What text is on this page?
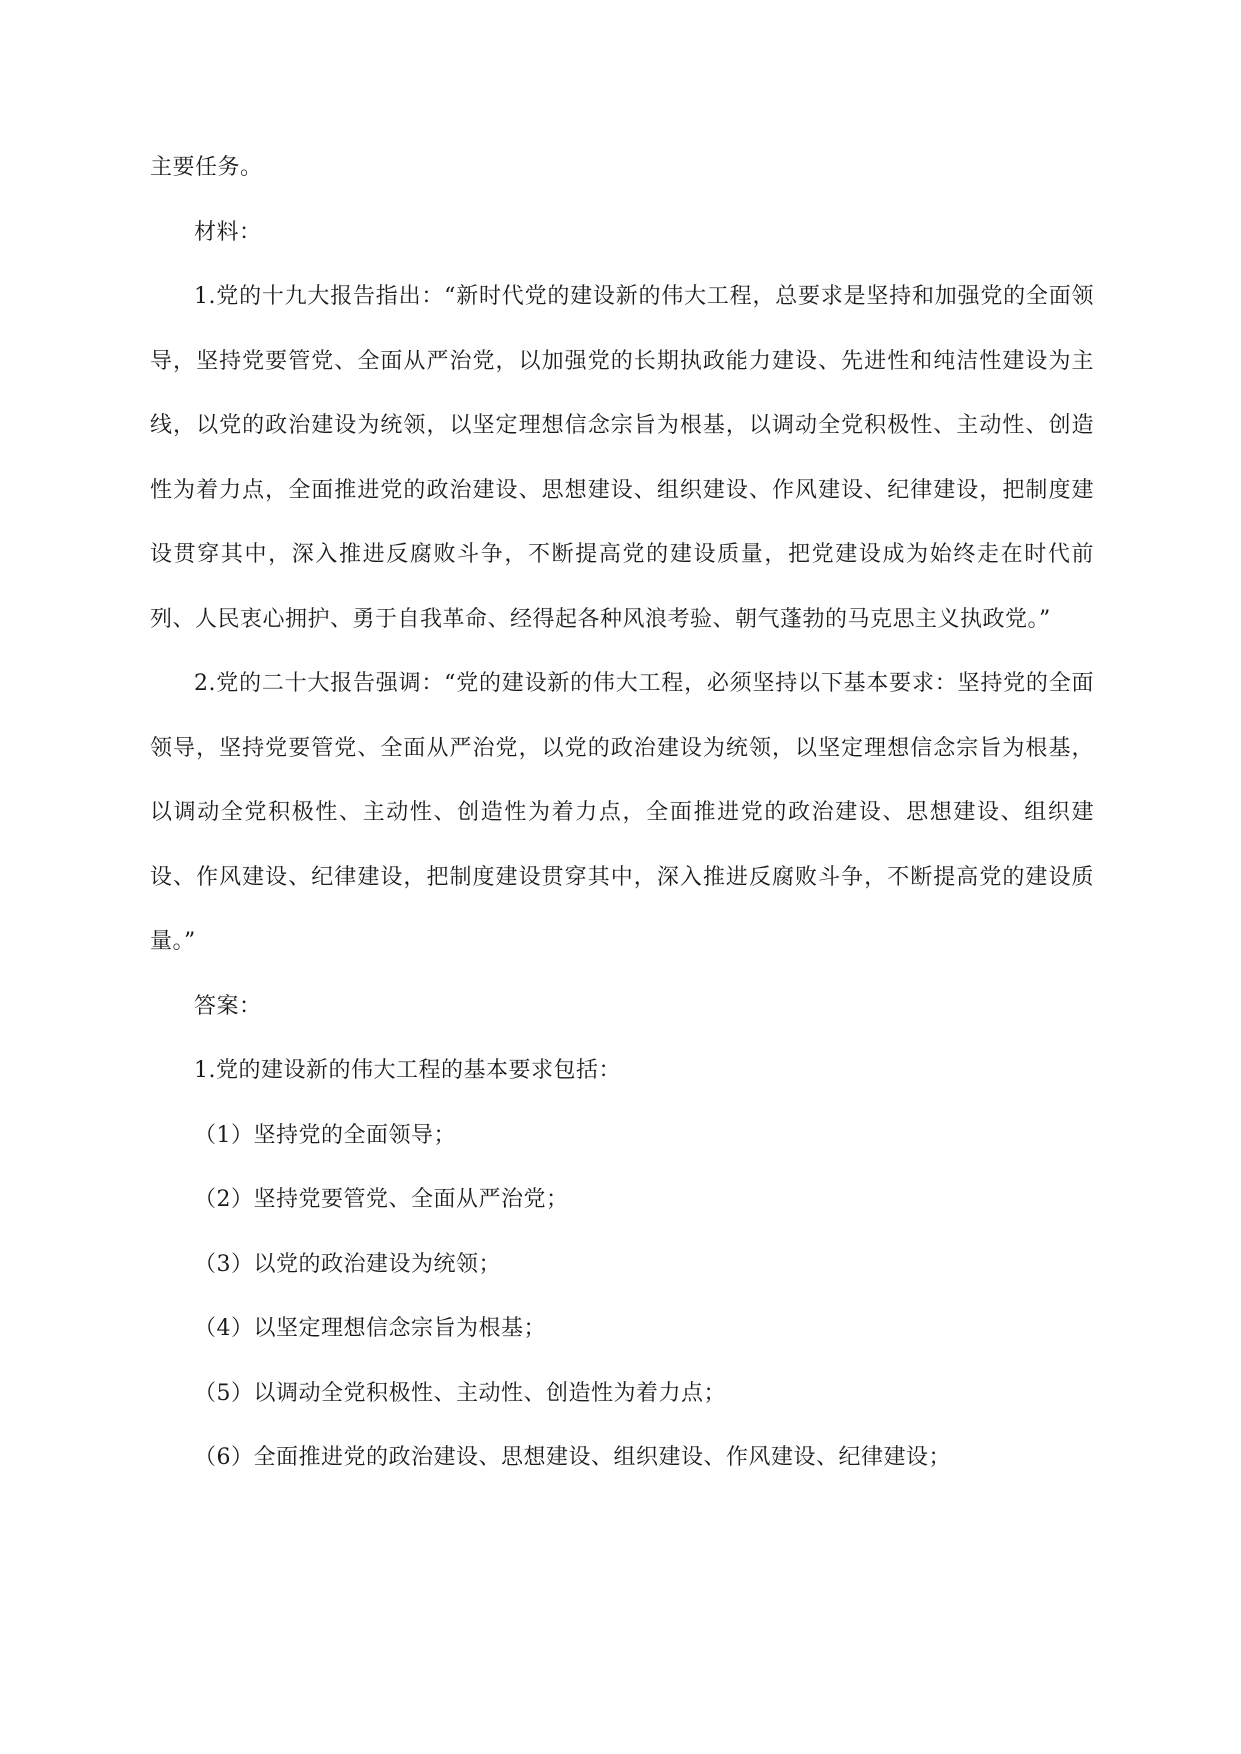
主要任务。

材料：

1.党的十九大报告指出：“新时代党的建设新的伟大工程，总要求是坚持和加强党的全面领导，坚持党要管党、全面从严治党，以加强党的长期执政能力建设、先进性和纯洁性建设为主线，以党的政治建设为统领，以坚定理想信念宗旨为根基，以调动全党积极性、主动性、创造性为着力点，全面推进党的政治建设、思想建设、组织建设、作风建设、纪律建设，把制度建设贯穿其中，深入推进反腐败斗争，不断提高党的建设质量，把党建设成为始终走在时代前列、人民衷心拥护、勇于自我革命、经得起各种风浪考验、朝气蓬勃的马克思主义执政党。”

2.党的二十大报告强调：“党的建设新的伟大工程，必须坚持以下基本要求：坚持党的全面领导，坚持党要管党、全面从严治党，以党的政治建设为统领，以坚定理想信念宗旨为根基，以调动全党积极性、主动性、创造性为着力点，全面推进党的政治建设、思想建设、组织建设、作风建设、纪律建设，把制度建设贯穿其中，深入推进反腐败斗争，不断提高党的建设质量。”

答案：

1.党的建设新的伟大工程的基本要求包括：

（1）坚持党的全面领导；

（2）坚持党要管党、全面从严治党；

（3）以党的政治建设为统领；

（4）以坚定理想信念宗旨为根基；

（5）以调动全党积极性、主动性、创造性为着力点；

（6）全面推进党的政治建设、思想建设、组织建设、作风建设、纪律建设；
